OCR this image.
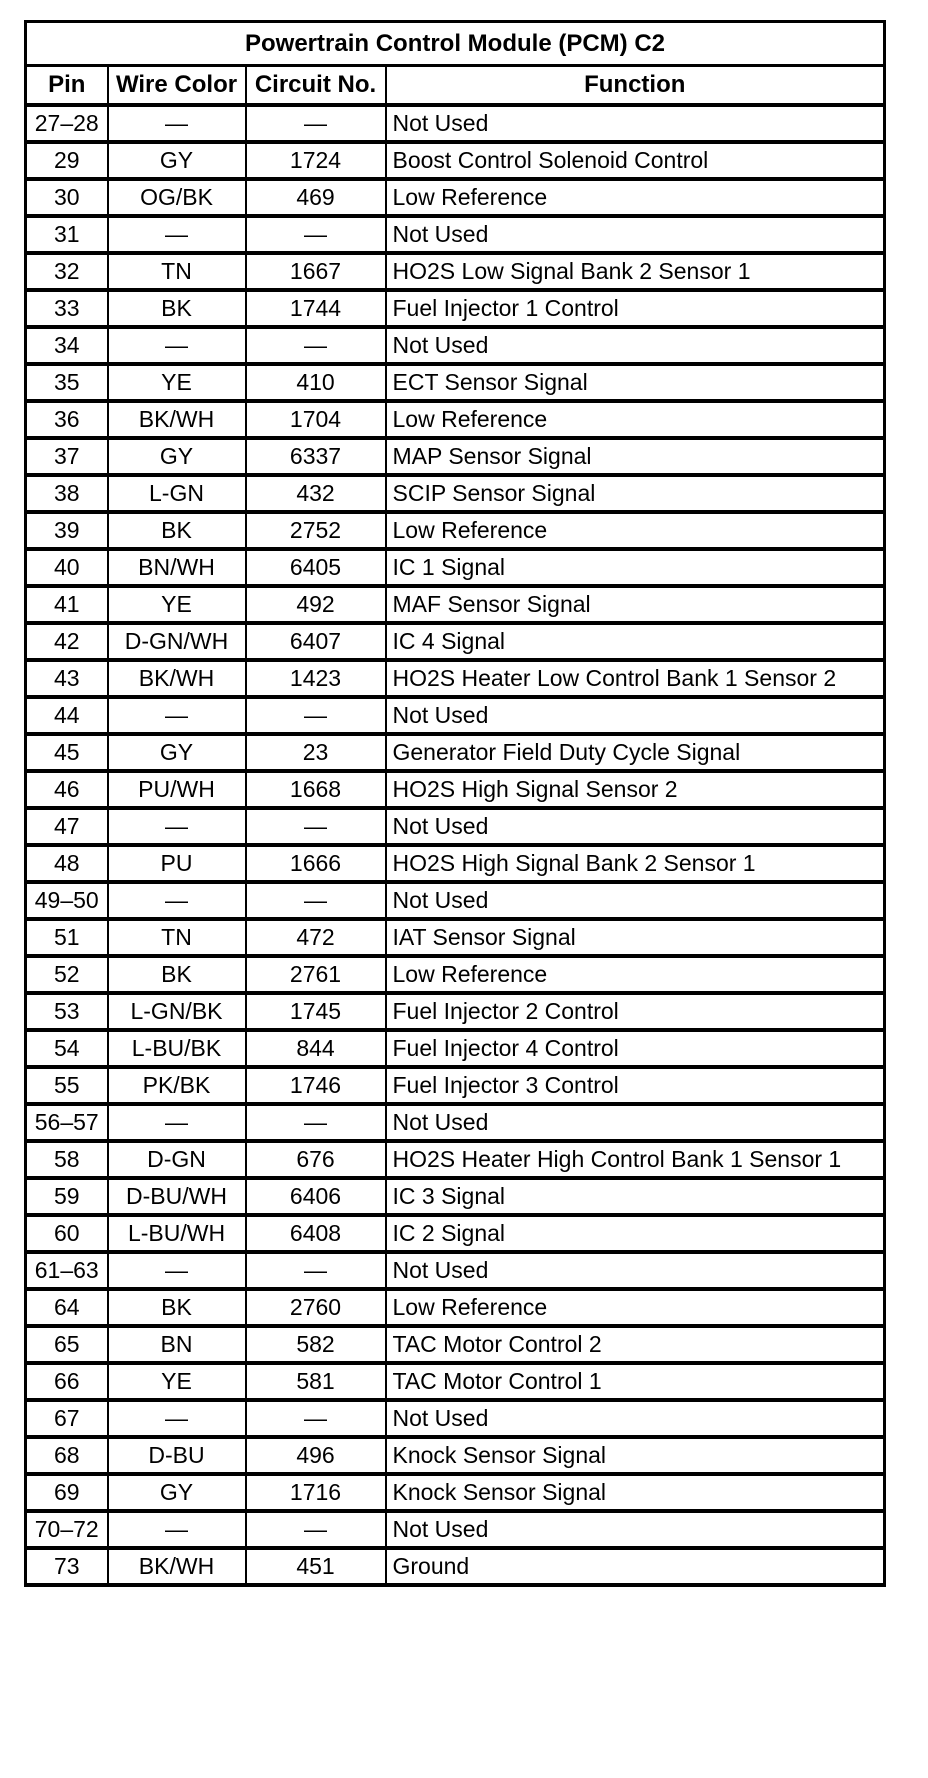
Powertrain Control Module (PCM) C2			
Pin	Wire Color	Circuit No.	Function
27–28	—	—	Not Used
29	GY	1724	Boost Control Solenoid Control
30	OG/BK	469	Low Reference
31	—	—	Not Used
32	TN	1667	HO2S Low Signal Bank 2 Sensor 1
33	BK	1744	Fuel Injector 1 Control
34	—	—	Not Used
35	YE	410	ECT Sensor Signal
36	BK/WH	1704	Low Reference
37	GY	6337	MAP Sensor Signal
38	L-GN	432	SCIP Sensor Signal
39	BK	2752	Low Reference
40	BN/WH	6405	IC 1 Signal
41	YE	492	MAF Sensor Signal
42	D-GN/WH	6407	IC 4 Signal
43	BK/WH	1423	HO2S Heater Low Control Bank 1 Sensor 2
44	—	—	Not Used
45	GY	23	Generator Field Duty Cycle Signal
46	PU/WH	1668	HO2S High Signal Sensor 2
47	—	—	Not Used
48	PU	1666	HO2S High Signal Bank 2 Sensor 1
49–50	—	—	Not Used
51	TN	472	IAT Sensor Signal
52	BK	2761	Low Reference
53	L-GN/BK	1745	Fuel Injector 2 Control
54	L-BU/BK	844	Fuel Injector 4 Control
55	PK/BK	1746	Fuel Injector 3 Control
56–57	—	—	Not Used
58	D-GN	676	HO2S Heater High Control Bank 1 Sensor 1
59	D-BU/WH	6406	IC 3 Signal
60	L-BU/WH	6408	IC 2 Signal
61–63	—	—	Not Used
64	BK	2760	Low Reference
65	BN	582	TAC Motor Control 2
66	YE	581	TAC Motor Control 1
67	—	—	Not Used
68	D-BU	496	Knock Sensor Signal
69	GY	1716	Knock Sensor Signal
70–72	—	—	Not Used
73	BK/WH	451	Ground
